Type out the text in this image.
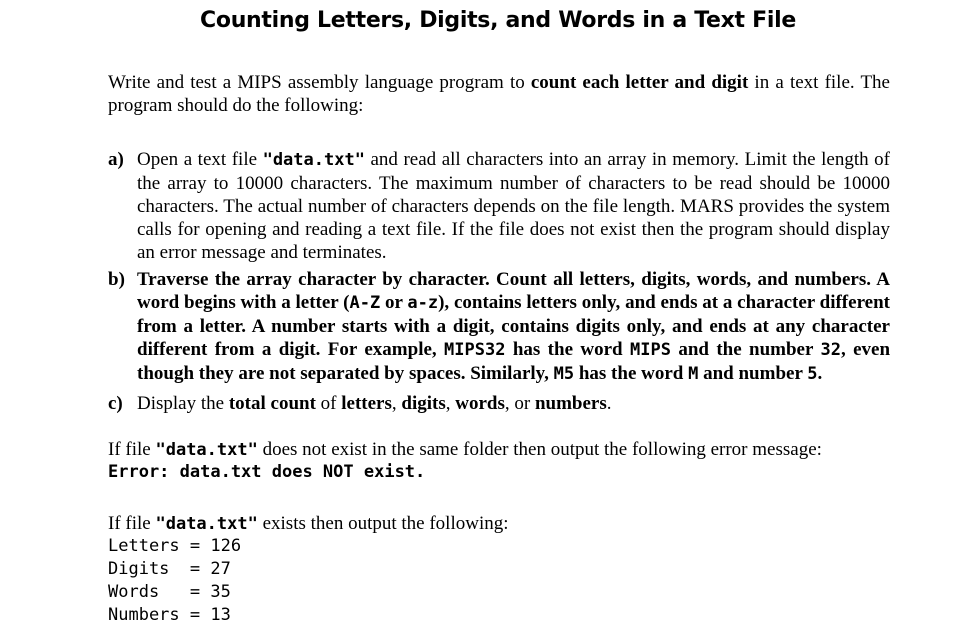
Counting Letters, Digits, and Words in a Text File
Write and test a MIPS assembly language program to count each letter and digit in a text file. The program should do the following:
a) Open a text file "data.txt" and read all characters into an array in memory. Limit the length of the array to 10000 characters. The maximum number of characters to be read should be 10000 characters. The actual number of characters depends on the file length. MARS provides the system calls for opening and reading a text file. If the file does not exist then the program should display an error message and terminates.
b) Traverse the array character by character. Count all letters, digits, words, and numbers. A word begins with a letter (A-Z or a-z), contains letters only, and ends at a character different from a letter. A number starts with a digit, contains digits only, and ends at any character different from a digit. For example, MIPS32 has the word MIPS and the number 32, even though they are not separated by spaces. Similarly, M5 has the word M and number 5.
c) Display the total count of letters, digits, words, or numbers.
If file "data.txt" does not exist in the same folder then output the following error message:
Error: data.txt does NOT exist.
If file "data.txt" exists then output the following:
Letters = 126
Digits  = 27
Words   = 35
Numbers = 13
